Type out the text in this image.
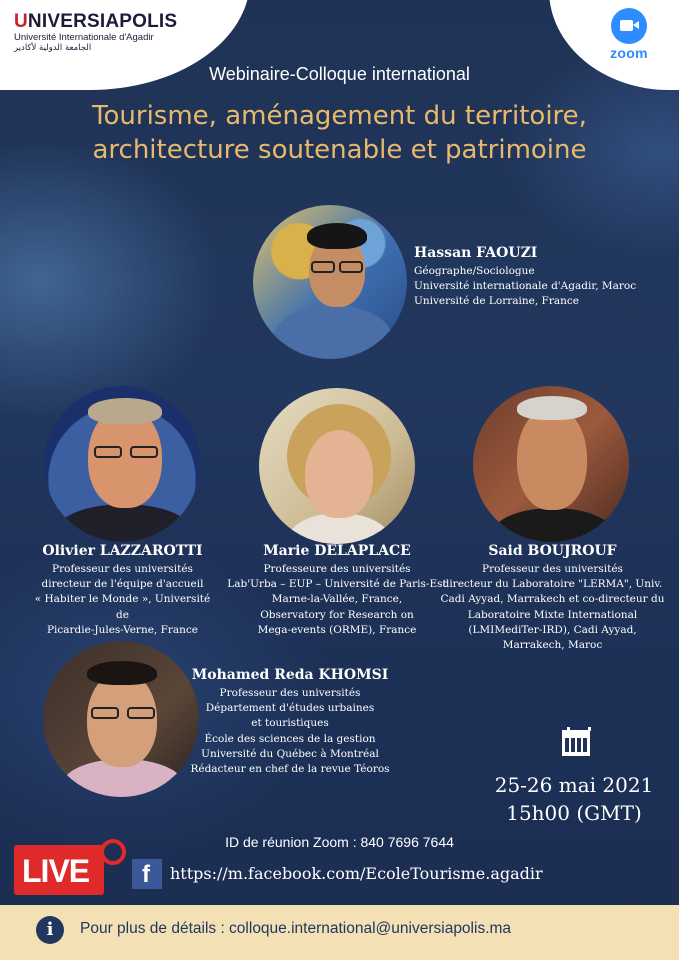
UNIVERSIAPOLIS
Université Internationale d'Agadir
الجامعة الدولية لأكادير	zoom
Webinaire-Colloque international
Tourisme, aménagement du territoire,
architecture soutenable et patrimoine
Hassan FAOUZI
Géographe/Sociologue
Université internationale d'Agadir, Maroc
Université de Lorraine, France
Olivier LAZZAROTTI
Professeur des universités
directeur de l'équipe d'accueil
« Habiter le Monde », Université de
Picardie-Jules-Verne, France
Marie DELAPLACE
Professeure des universités
Lab'Urba – EUP – Université de Paris-Est
Marne-la-Vallée, France,
Observatory for Research on
Mega-events (ORME), France
Said BOUJROUF
Professeur des universités
directeur du Laboratoire "LERMA", Univ.
Cadi Ayyad, Marrakech et co-directeur du
Laboratoire Mixte International
(LMIMediTer-IRD), Cadi Ayyad,
Marrakech, Maroc
Mohamed Reda KHOMSI
Professeur des universités
Département d'études urbaines
et touristiques
École des sciences de la gestion
Université du Québec à Montréal
Rédacteur en chef de la revue Téoros
25-26 mai 2021
15h00 (GMT)
ID de réunion Zoom : 840 7696 7644
LIVE f https://m.facebook.com/EcoleTourisme.agadir
i	Pour plus de détails : colloque.international@universiapolis.ma
